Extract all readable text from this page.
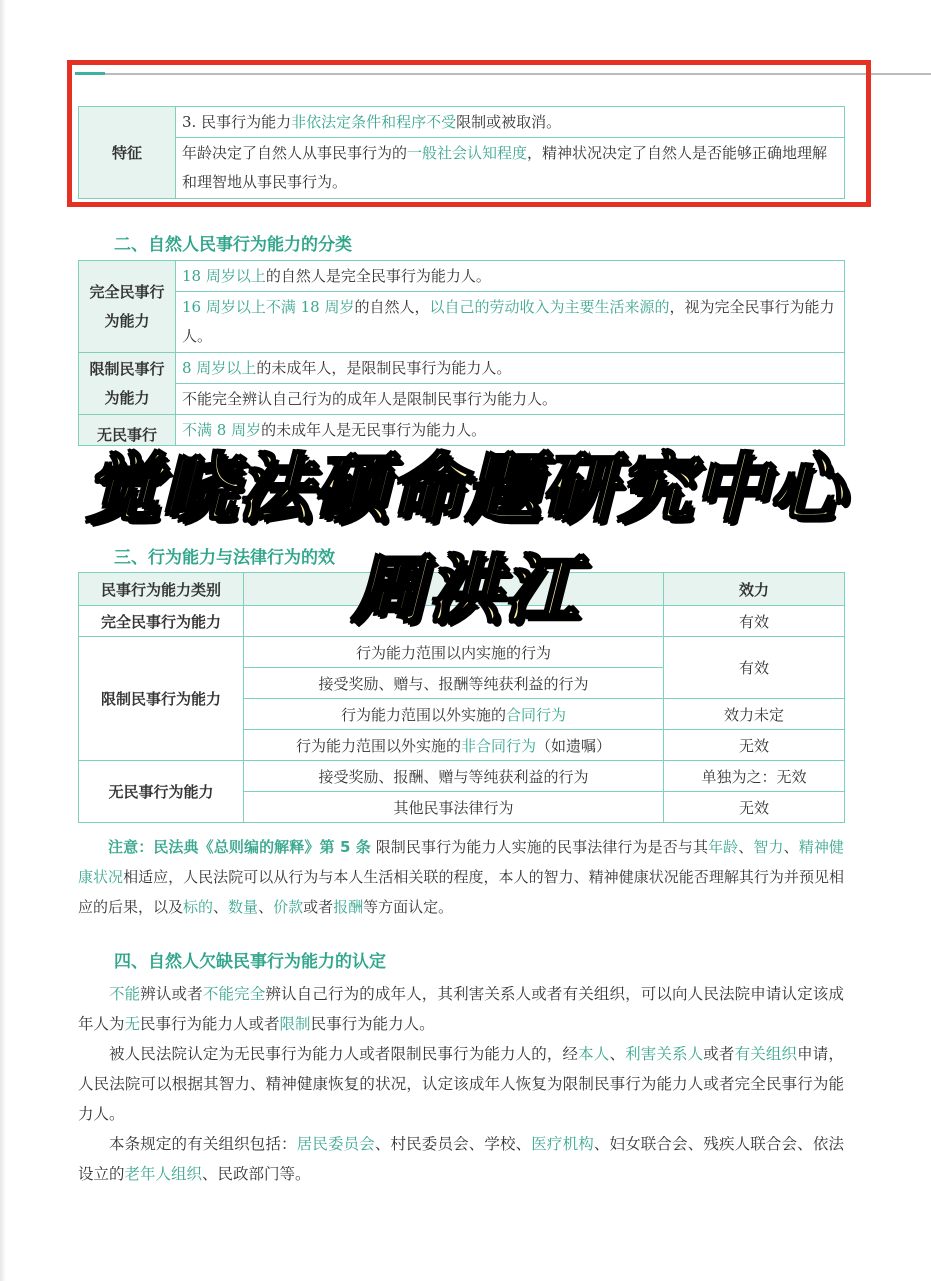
特征	3. 民事行为能力非依法定条件和程序不受限制或被取消。
年龄决定了自然人从事民事行为的一般社会认知程度，精神状况决定了自然人是否能够正确地理解和理智地从事民事行为。
二、自然人民事行为能力的分类
完全民事行为能力	18 周岁以上的自然人是完全民事行为能力人。
	16 周岁以上不满 18 周岁的自然人，以自己的劳动收入为主要生活来源的，视为完全民事行为能力人。
限制民事行为能力	8 周岁以上的未成年人，是限制民事行为能力人。
	不能完全辨认自己行为的成年人是限制民事行为能力人。
无民事行	不满 8 周岁的未成年人是无民事行为能力人。
三、行为能力与法律行为的效
民事行为能力类别		效力
完全民事行为能力		有效
限制民事行为能力	行为能力范围以内实施的行为	有效
	接受奖励、赠与、报酬等纯获利益的行为	
	行为能力范围以外实施的合同行为	效力未定
	行为能力范围以外实施的非合同行为（如遗嘱）	无效
无民事行为能力	接受奖励、报酬、赠与等纯获利益的行为	单独为之：无效
	其他民事法律行为	无效
注意：民法典《总则编的解释》第 5 条 限制民事行为能力人实施的民事法律行为是否与其年龄、智力、精神健康状况相适应，人民法院可以从行为与本人生活相关联的程度，本人的智力、精神健康状况能否理解其行为并预见相应的后果，以及标的、数量、价款或者报酬等方面认定。
四、自然人欠缺民事行为能力的认定
不能辨认或者不能完全辨认自己行为的成年人，其利害关系人或者有关组织，可以向人民法院申请认定该成年人为无民事行为能力人或者限制民事行为能力人。
被人民法院认定为无民事行为能力人或者限制民事行为能力人的，经本人、利害关系人或者有关组织申请，人民法院可以根据其智力、精神健康恢复的状况，认定该成年人恢复为限制民事行为能力人或者完全民事行为能力人。
本条规定的有关组织包括：居民委员会、村民委员会、学校、医疗机构、妇女联合会、残疾人联合会、依法设立的老年人组织、民政部门等。
觉晓法硕命题研究中心
周洪江
